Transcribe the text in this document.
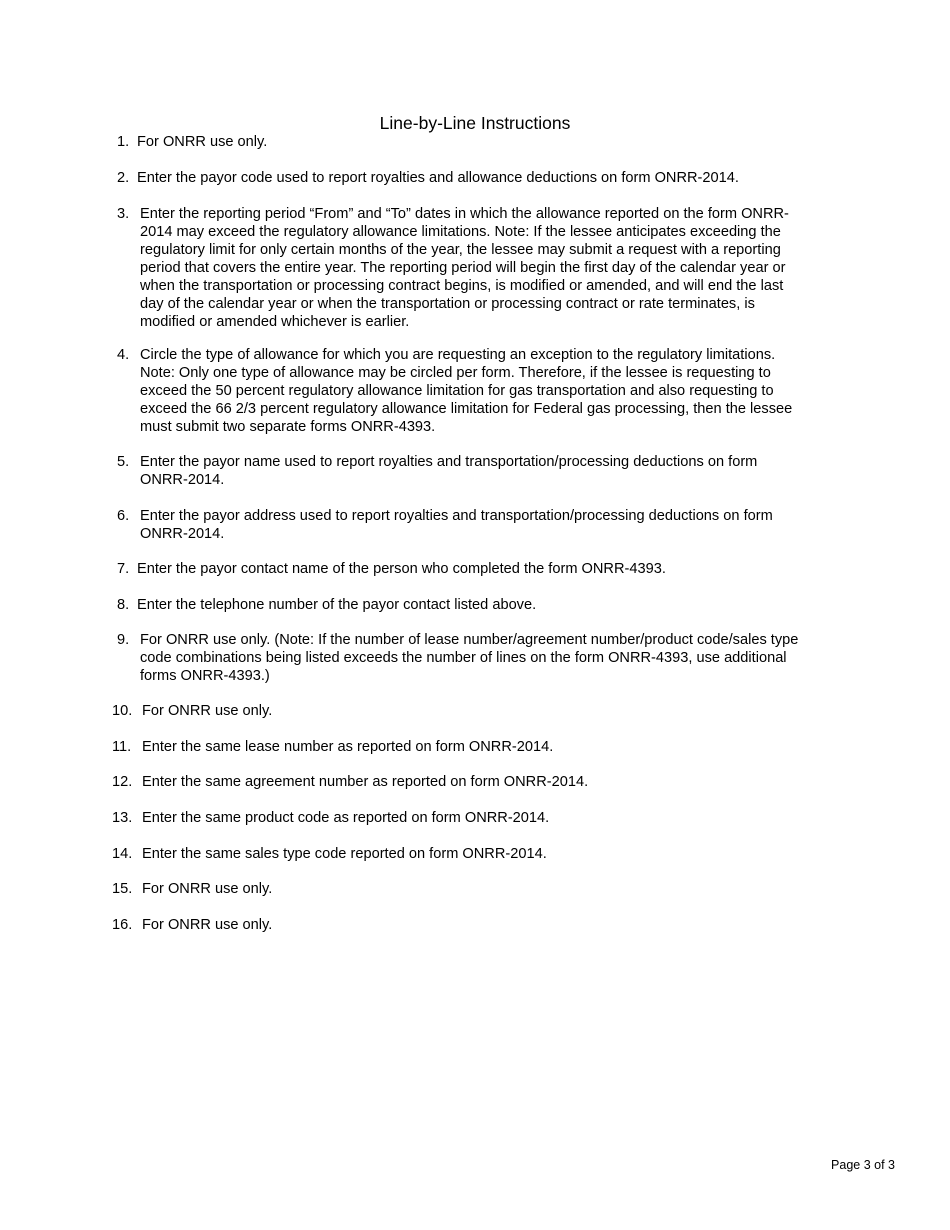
Line-by-Line Instructions
1. For ONRR use only.
2. Enter the payor code used to report royalties and allowance deductions on form ONRR-2014.
3. Enter the reporting period “From” and “To” dates in which the allowance reported on the form ONRR-
2014 may exceed the regulatory allowance limitations. Note: If the lessee anticipates exceeding the
regulatory limit for only certain months of the year, the lessee may submit a request with a reporting
period that covers the entire year. The reporting period will begin the first day of the calendar year or
when the transportation or processing contract begins, is modified or amended, and will end the last
day of the calendar year or when the transportation or processing contract or rate terminates, is
modified or amended whichever is earlier.
4. Circle the type of allowance for which you are requesting an exception to the regulatory limitations.
Note: Only one type of allowance may be circled per form. Therefore, if the lessee is requesting to
exceed the 50 percent regulatory allowance limitation for gas transportation and also requesting to
exceed the 66 2/3 percent regulatory allowance limitation for Federal gas processing, then the lessee
must submit two separate forms ONRR-4393.
5. Enter the payor name used to report royalties and transportation/processing deductions on form
ONRR-2014.
6. Enter the payor address used to report royalties and transportation/processing deductions on form
ONRR-2014.
7. Enter the payor contact name of the person who completed the form ONRR-4393.
8. Enter the telephone number of the payor contact listed above.
9. For ONRR use only. (Note: If the number of lease number/agreement number/product code/sales type
code combinations being listed exceeds the number of lines on the form ONRR-4393, use additional
forms ONRR-4393.)
10. For ONRR use only.
11. Enter the same lease number as reported on form ONRR-2014.
12. Enter the same agreement number as reported on form ONRR-2014.
13. Enter the same product code as reported on form ONRR-2014.
14. Enter the same sales type code reported on form ONRR-2014.
15. For ONRR use only.
16. For ONRR use only.
Page 3 of 3
